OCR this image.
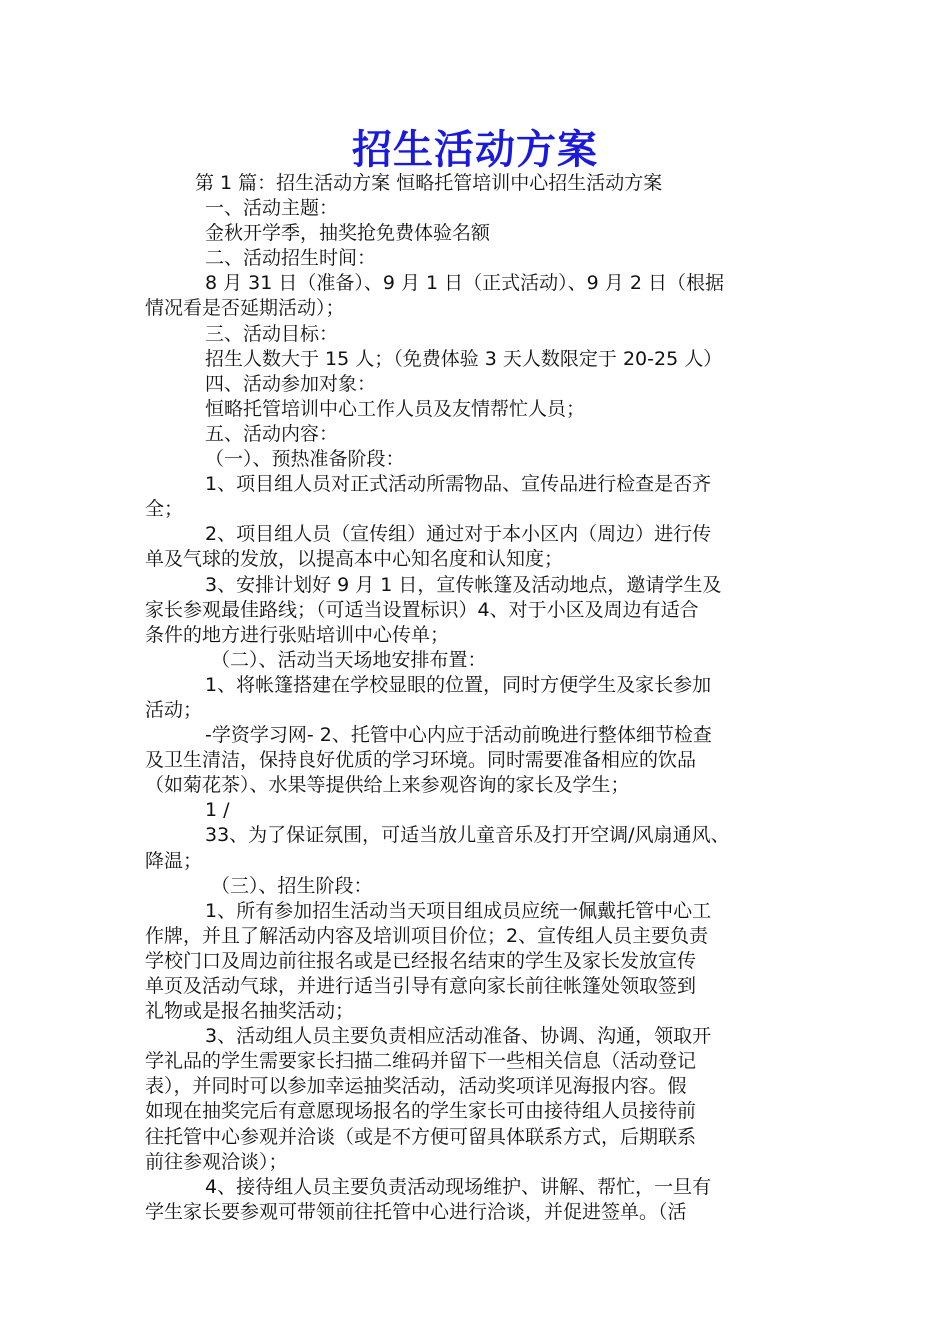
招生活动方案
第 1 篇：招生活动方案 恒略托管培训中心招生活动方案
一、活动主题：
金秋开学季，抽奖抢免费体验名额
二、活动招生时间：
8 月 31 日（准备）、9 月 1 日（正式活动）、9 月 2 日（根据
情况看是否延期活动）；
三、活动目标：
招生人数大于 15 人；（免费体验 3 天人数限定于 20-25 人）
四、活动参加对象：
恒略托管培训中心工作人员及友情帮忙人员；
五、活动内容：
（一）、预热准备阶段：
1、项目组人员对正式活动所需物品、宣传品进行检查是否齐
全；
2、项目组人员（宣传组）通过对于本小区内（周边）进行传
单及气球的发放，以提高本中心知名度和认知度；
3、安排计划好 9 月 1 日，宣传帐篷及活动地点，邀请学生及
家长参观最佳路线；（可适当设置标识）4、对于小区及周边有适合
条件的地方进行张贴培训中心传单；
（二）、活动当天场地安排布置：
1、将帐篷搭建在学校显眼的位置，同时方便学生及家长参加
活动；
-学资学习网- 2、托管中心内应于活动前晚进行整体细节检查
及卫生清洁，保持良好优质的学习环境。同时需要准备相应的饮品
（如菊花茶）、水果等提供给上来参观咨询的家长及学生；
1 /
33、为了保证氛围，可适当放儿童音乐及打开空调/风扇通风、
降温；
（三）、招生阶段：
1、所有参加招生活动当天项目组成员应统一佩戴托管中心工
作牌，并且了解活动内容及培训项目价位；2、宣传组人员主要负责
学校门口及周边前往报名或是已经报名结束的学生及家长发放宣传
单页及活动气球，并进行适当引导有意向家长前往帐篷处领取签到
礼物或是报名抽奖活动；
3、活动组人员主要负责相应活动准备、协调、沟通，领取开
学礼品的学生需要家长扫描二维码并留下一些相关信息（活动登记
表），并同时可以参加幸运抽奖活动，活动奖项详见海报内容。假
如现在抽奖完后有意愿现场报名的学生家长可由接待组人员接待前
往托管中心参观并洽谈（或是不方便可留具体联系方式，后期联系
前往参观洽谈）；
4、接待组人员主要负责活动现场维护、讲解、帮忙，一旦有
学生家长要参观可带领前往托管中心进行洽谈，并促进签单。（活
